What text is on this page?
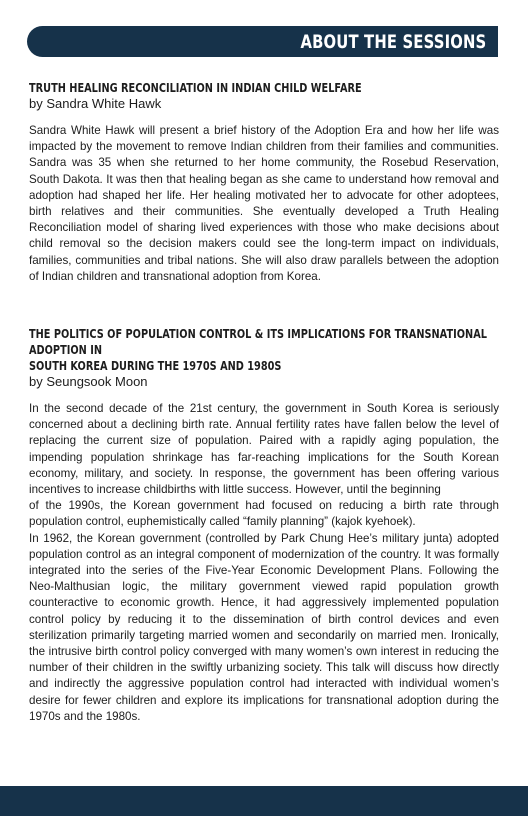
ABOUT THE SESSIONS

TRUTH HEALING RECONCILIATION IN INDIAN CHILD WELFARE

by Sandra White Hawk

Sandra White Hawk will present a brief history of the Adoption Era and how her life was impacted by the movement to remove Indian children from their families and communities. Sandra was 35 when she returned to her home community, the Rosebud Reservation, South Dakota. It was then that healing began as she came to understand how removal and adoption had shaped her life. Her healing motivated her to advocate for other adoptees, birth relatives and their communities. She eventually developed a Truth Healing Reconciliation model of sharing lived experiences with those who make decisions about child removal so the decision makers could see the long-term impact on individuals, families, communities and tribal nations. She will also draw parallels between the adoption of Indian children and transnational adoption from Korea.

THE POLITICS OF POPULATION CONTROL & ITS IMPLICATIONS FOR TRANSNATIONAL ADOPTION IN

SOUTH KOREA DURING THE 1970S AND 1980S

by Seungsook Moon

In the second decade of the 21st century, the government in South Korea is seriously concerned about a declining birth rate. Annual fertility rates have fallen below the level of replacing the current size of population. Paired with a rapidly aging population, the impending population shrinkage has far-reaching implications for the South Korean economy, military, and society. In response, the government has been offering various incentives to increase childbirths with little success. However, until the beginning

of the 1990s, the Korean government had focused on reducing a birth rate through population control, euphemistically called “family planning” (kajok kyehoek).

In 1962, the Korean government (controlled by Park Chung Hee’s military junta) adopted population control as an integral component of modernization of the country. It was formally integrated into the series of the Five-Year Economic Development Plans. Following the Neo-Malthusian logic, the military government viewed rapid population growth counteractive to economic growth. Hence, it had aggressively implemented population control policy by reducing it to the dissemination of birth control devices and even sterilization primarily targeting married women and secondarily on married men. Ironically, the intrusive birth control policy converged with many women’s own interest in reducing the number of their children in the swiftly urbanizing society. This talk will discuss how directly and indirectly the aggressive population control had interacted with individual women’s desire for fewer children and explore its implications for transnational adoption during the 1970s and the 1980s.
